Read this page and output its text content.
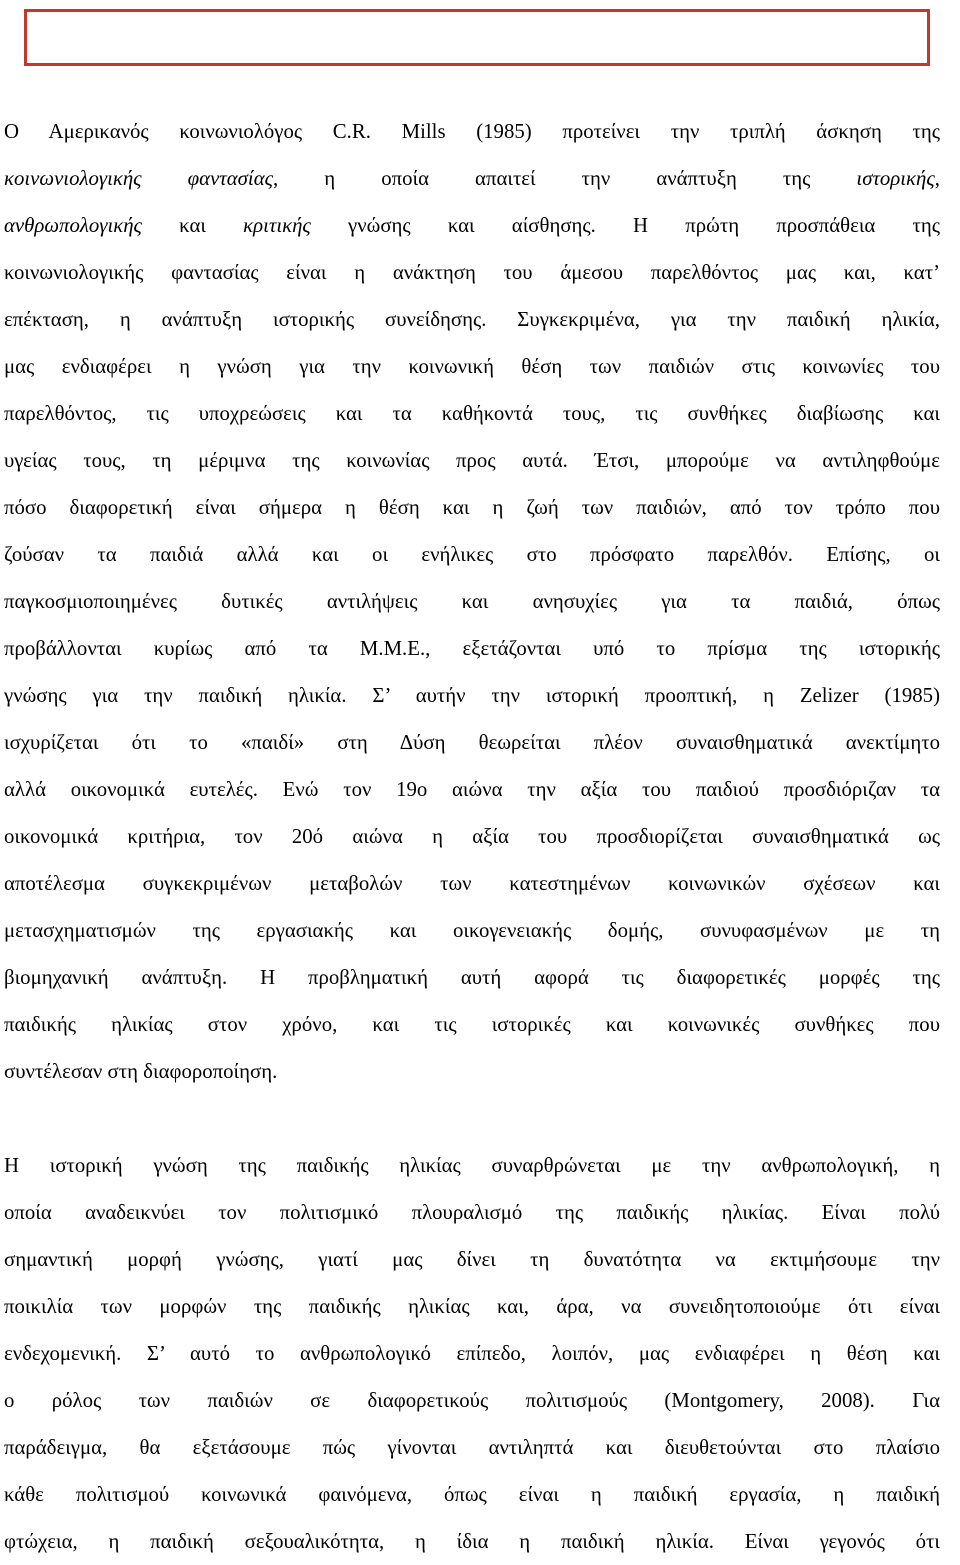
Ο Αμερικανός κοινωνιολόγος C.R. Mills (1985) προτείνει την τριπλή άσκηση της
κοινωνιολογικής φαντασίας, η οποία απαιτεί την ανάπτυξη της ιστορικής,
ανθρωπολογικής και κριτικής γνώσης και αίσθησης. Η πρώτη προσπάθεια της
κοινωνιολογικής φαντασίας είναι η ανάκτηση του άμεσου παρελθόντος μας και, κατ’
επέκταση, η ανάπτυξη ιστορικής συνείδησης. Συγκεκριμένα, για την παιδική ηλικία,
μας ενδιαφέρει η γνώση για την κοινωνική θέση των παιδιών στις κοινωνίες του
παρελθόντος, τις υποχρεώσεις και τα καθήκοντά τους, τις συνθήκες διαβίωσης και
υγείας τους, τη μέριμνα της κοινωνίας προς αυτά. Έτσι, μπορούμε να αντιληφθούμε
πόσο διαφορετική είναι σήμερα η θέση και η ζωή των παιδιών, από τον τρόπο που
ζούσαν τα παιδιά αλλά και οι ενήλικες στο πρόσφατο παρελθόν. Επίσης, οι
παγκοσμιοποιημένες δυτικές αντιλήψεις και ανησυχίες για τα παιδιά, όπως
προβάλλονται κυρίως από τα Μ.Μ.Ε., εξετάζονται υπό το πρίσμα της ιστορικής
γνώσης για την παιδική ηλικία. Σ’ αυτήν την ιστορική προοπτική, η Zelizer (1985)
ισχυρίζεται ότι το «παιδί» στη Δύση θεωρείται πλέον συναισθηματικά ανεκτίμητο
αλλά οικονομικά ευτελές. Ενώ τον 19ο αιώνα την αξία του παιδιού προσδιόριζαν τα
οικονομικά κριτήρια, τον 20ό αιώνα η αξία του προσδιορίζεται συναισθηματικά ως
αποτέλεσμα συγκεκριμένων μεταβολών των κατεστημένων κοινωνικών σχέσεων και
μετασχηματισμών της εργασιακής και οικογενειακής δομής, συνυφασμένων με τη
βιομηχανική ανάπτυξη. Η προβληματική αυτή αφορά τις διαφορετικές μορφές της
παιδικής ηλικίας στον χρόνο, και τις ιστορικές και κοινωνικές συνθήκες που
συντέλεσαν στη διαφοροποίηση.

Η ιστορική γνώση της παιδικής ηλικίας συναρθρώνεται με την ανθρωπολογική, η
οποία αναδεικνύει τον πολιτισμικό πλουραλισμό της παιδικής ηλικίας. Είναι πολύ
σημαντική μορφή γνώσης, γιατί μας δίνει τη δυνατότητα να εκτιμήσουμε την
ποικιλία των μορφών της παιδικής ηλικίας και, άρα, να συνειδητοποιούμε ότι είναι
ενδεχομενική. Σ’ αυτό το ανθρωπολογικό επίπεδο, λοιπόν, μας ενδιαφέρει η θέση και
ο ρόλος των παιδιών σε διαφορετικούς πολιτισμούς (Montgomery, 2008). Για
παράδειγμα, θα εξετάσουμε πώς γίνονται αντιληπτά και διευθετούνται στο πλαίσιο
κάθε πολιτισμού κοινωνικά φαινόμενα, όπως είναι η παιδική εργασία, η παιδική
φτώχεια, η παιδική σεξουαλικότητα, η ίδια η παιδική ηλικία. Είναι γεγονός ότι
